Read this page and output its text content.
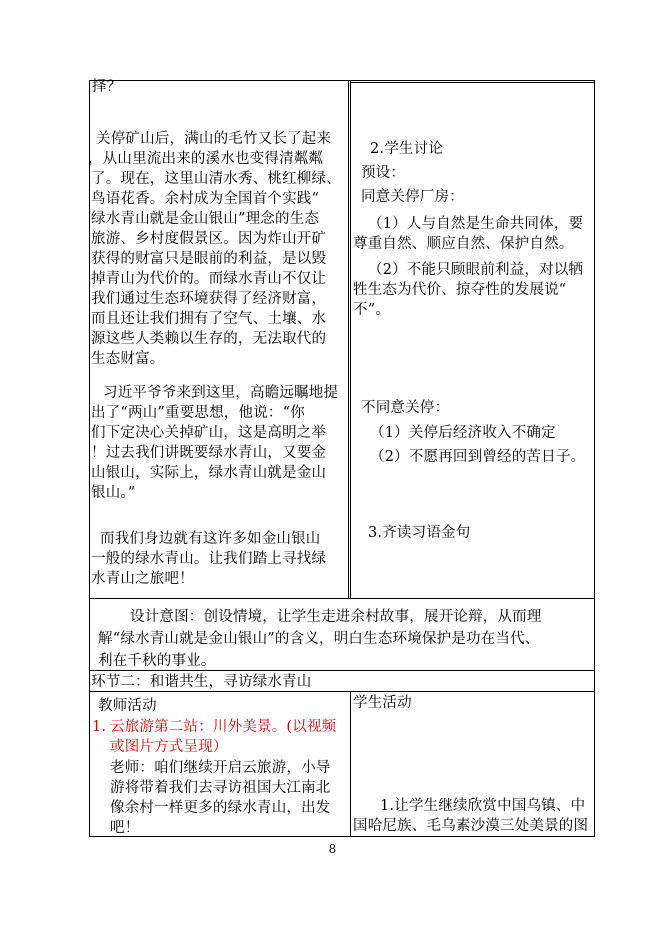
择？
关停矿山后，满山的毛竹又长了起来
，从山里流出来的溪水也变得清粼粼
了。现在，这里山清水秀、桃红柳绿、
鸟语花香。余村成为全国首个实践“
绿水青山就是金山银山”理念的生态
旅游、乡村度假景区。因为炸山开矿
获得的财富只是眼前的利益，是以毁
掉青山为代价的。而绿水青山不仅让
我们通过生态环境获得了经济财富，
而且还让我们拥有了空气、土壤、水
源这些人类赖以生存的，无法取代的
生态财富。
习近平爷爷来到这里，高瞻远瞩地提
出了“两山”重要思想，他说：“你
们下定决心关掉矿山，这是高明之举
！过去我们讲既要绿水青山，又要金
山银山，实际上，绿水青山就是金山
银山。”
而我们身边就有这许多如金山银山
一般的绿水青山。让我们踏上寻找绿
水青山之旅吧！
2.学生讨论
预设：
同意关停厂房：
（1）人与自然是生命共同体，要
尊重自然、顺应自然、保护自然。
（2）不能只顾眼前利益，对以牺
牲生态为代价、掠夺性的发展说“
不”。
不同意关停：
（1）关停后经济收入不确定
（2）不愿再回到曾经的苦日子。
3.齐读习语金句
设计意图：创设情境，让学生走进余村故事，展开论辩，从而理
解“绿水青山就是金山银山”的含义，明白生态环境保护是功在当代、
利在千秋的事业。
环节二：和谐共生，寻访绿水青山
教师活动
1. 云旅游第二站：川外美景。(以视频
或图片方式呈现）
老师：咱们继续开启云旅游，小导
游将带着我们去寻访祖国大江南北
像余村一样更多的绿水青山，出发
吧！
学生活动
1.让学生继续欣赏中国乌镇、中
国哈尼族、毛乌素沙漠三处美景的图
8
